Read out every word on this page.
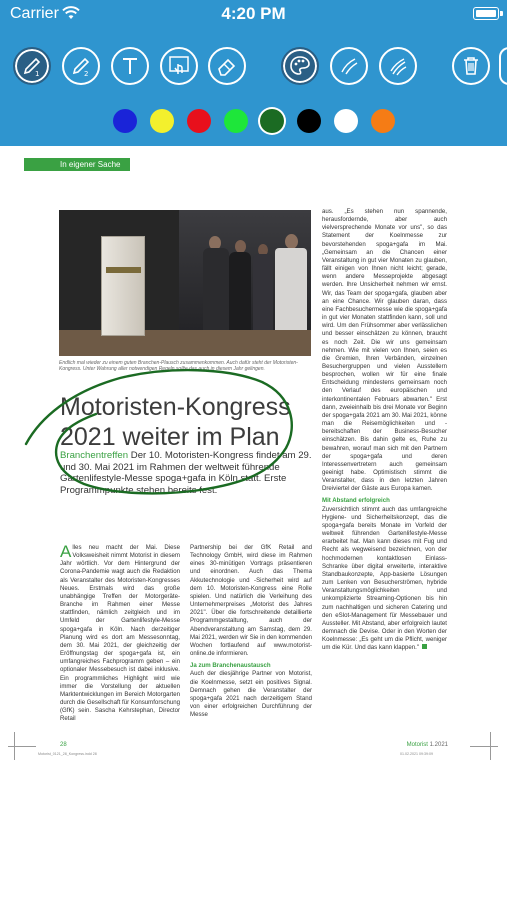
Carrier	4:20 PM
1	2
In eigener Sache
Endlich mal wieder zu einem guten Branchen-Plausch zusammenkommen. Auch dafür steht der Motoristen-Kongress. Unter Wahrung aller notwendigen Regeln sollte das auch in diesem Jahr gelingen.
Motoristen-Kongress
2021 weiter im Plan
Branchentreffen Der 10. Motoristen-Kongress findet am 29. und 30. Mai 2021 im Rahmen der weltweit führende Gartenlifestyle-Messe spoga+gafa in Köln statt. Erste Programmpunkte stehen bereits fest.
Alles neu macht der Mai. Diese Volksweisheit nimmt Motorist in diesem Jahr wörtlich. Vor dem Hintergrund der Corona-Pandemie wagt auch die Redaktion als Veranstalter des Motoristen-Kongresses Neues. Erstmals wird das große unabhängige Treffen der Motorgeräte-Branche im Rahmen einer Messe stattfinden, nämlich zeitgleich und im Umfeld der Gartenlifestyle-Messe spoga+gafa in Köln. Nach derzeitiger Planung wird es dort am Messesonntag, dem 30. Mai 2021, der gleichzeitig der Eröffnungstag der spoga+gafa ist, ein umfangreiches Fachprogramm geben – ein optionaler Messebesuch ist dabei inklusive. Ein programmliches Highlight wird wie immer die Vorstellung der aktuellen Marktentwicklungen im Bereich Motorgarten durch die Gesellschaft für Konsumforschung (GfK) sein. Sascha Kehrstephan, Director Retail

Partnership bei der GfK Retail and Technology GmbH, wird diese im Rahmen eines 30-minütigen Vortrags präsentieren und einordnen. Auch das Thema Akkutechnologie und -Sicherheit wird auf dem 10. Motoristen-Kongress eine Rolle spielen. Und natürlich die Verleihung des Unternehmerpreises „Motorist des Jahres 2021". Über die fortschreitende detaillierte Programmgestaltung, auch der Abendveranstaltung am Samstag, dem 29. Mai 2021, werden wir Sie in den kommenden Wochen fortlaufend auf www.motorist-online.de informieren.

Ja zum Branchenaustausch

Auch der diesjährige Partner von Motorist, die Koelnmesse, setzt ein positives Signal. Demnach gehen die Veranstalter der spoga+gafa 2021 nach derzeitigem Stand von einer erfolgreichen Durchführung der Messe

aus. „Es stehen nun spannende, herausfordernde, aber auch vielversprechende Monate vor uns", so das Statement der Koelnmesse zur bevorstehenden spoga+gafa im Mai. „Gemeinsam an die Chancen einer Veranstaltung in gut vier Monaten zu glauben, fällt einigen von Ihnen nicht leicht; gerade, wenn andere Messeprojekte abgesagt werden. Ihre Unsicherheit nehmen wir ernst. Wir, das Team der spoga+gafa, glauben aber an eine Chance. Wir glauben daran, dass eine Fachbesuchermesse wie die spoga+gafa in gut vier Monaten stattfinden kann, soll und wird. Um den Frühsommer aber verlässlichen und besser einschätzen zu können, braucht es noch Zeit. Die wir uns gemeinsam nehmen. Wie mit vielen von Ihnen, seien es die Gremien, Ihren Verbänden, einzelnen Besuchergruppen und vielen Ausstellern besprochen, wollen wir für eine finale Entscheidung mindestens gemeinsam noch den Verlauf des europäischen und interkontinentalen Februars abwarten." Erst dann, zweieinhalb bis drei Monate vor Beginn der spoga+gafa 2021 am 30. Mai 2021, könne man die Reisemöglichkeiten und -bereitschaften der Business-Besucher einschätzen. Bis dahin gelte es, Ruhe zu bewahren, worauf man sich mit den Partnern der spoga+gafa und deren Interessenvertretern auch gemeinsam geeinigt habe. Optimistisch stimmt die Veranstalter, dass in den letzten Jahren Dreiviertel der Gäste aus Europa kamen.

Mit Abstand erfolgreich

Zuversichtlich stimmt auch das umfangreiche Hygiene- und Sicherheitskonzept, das die spoga+gafa bereits Monate im Vorfeld der weltweit führenden Gartenlifestyle-Messe erarbeitet hat. Man kann dieses mit Fug und Recht als wegweisend bezeichnen, von der hochmodernen kontaktlosen Einlass-Schranke über digital erweiterte, interaktive Standbaukonzepte, App-basierte Lösungen zum Lenken von Besucherströmen, hybride Veranstaltungsmöglichkeiten und unkomplizierte Streaming-Optionen bis hin zum nachhaltigen und sicheren Catering und den eSlot-Management für Messebauer und Aussteller. Mit Abstand, aber erfolgreich lautet demnach die Devise. Oder in den Worten der Koelnmesse: „Es geht um die Pflicht, weniger um die Kür. Und das kann klappen."

28	Motorist 1.2021
Motorist_0121_28_Kongress.indd 28	01.02.2021 09:39:09
